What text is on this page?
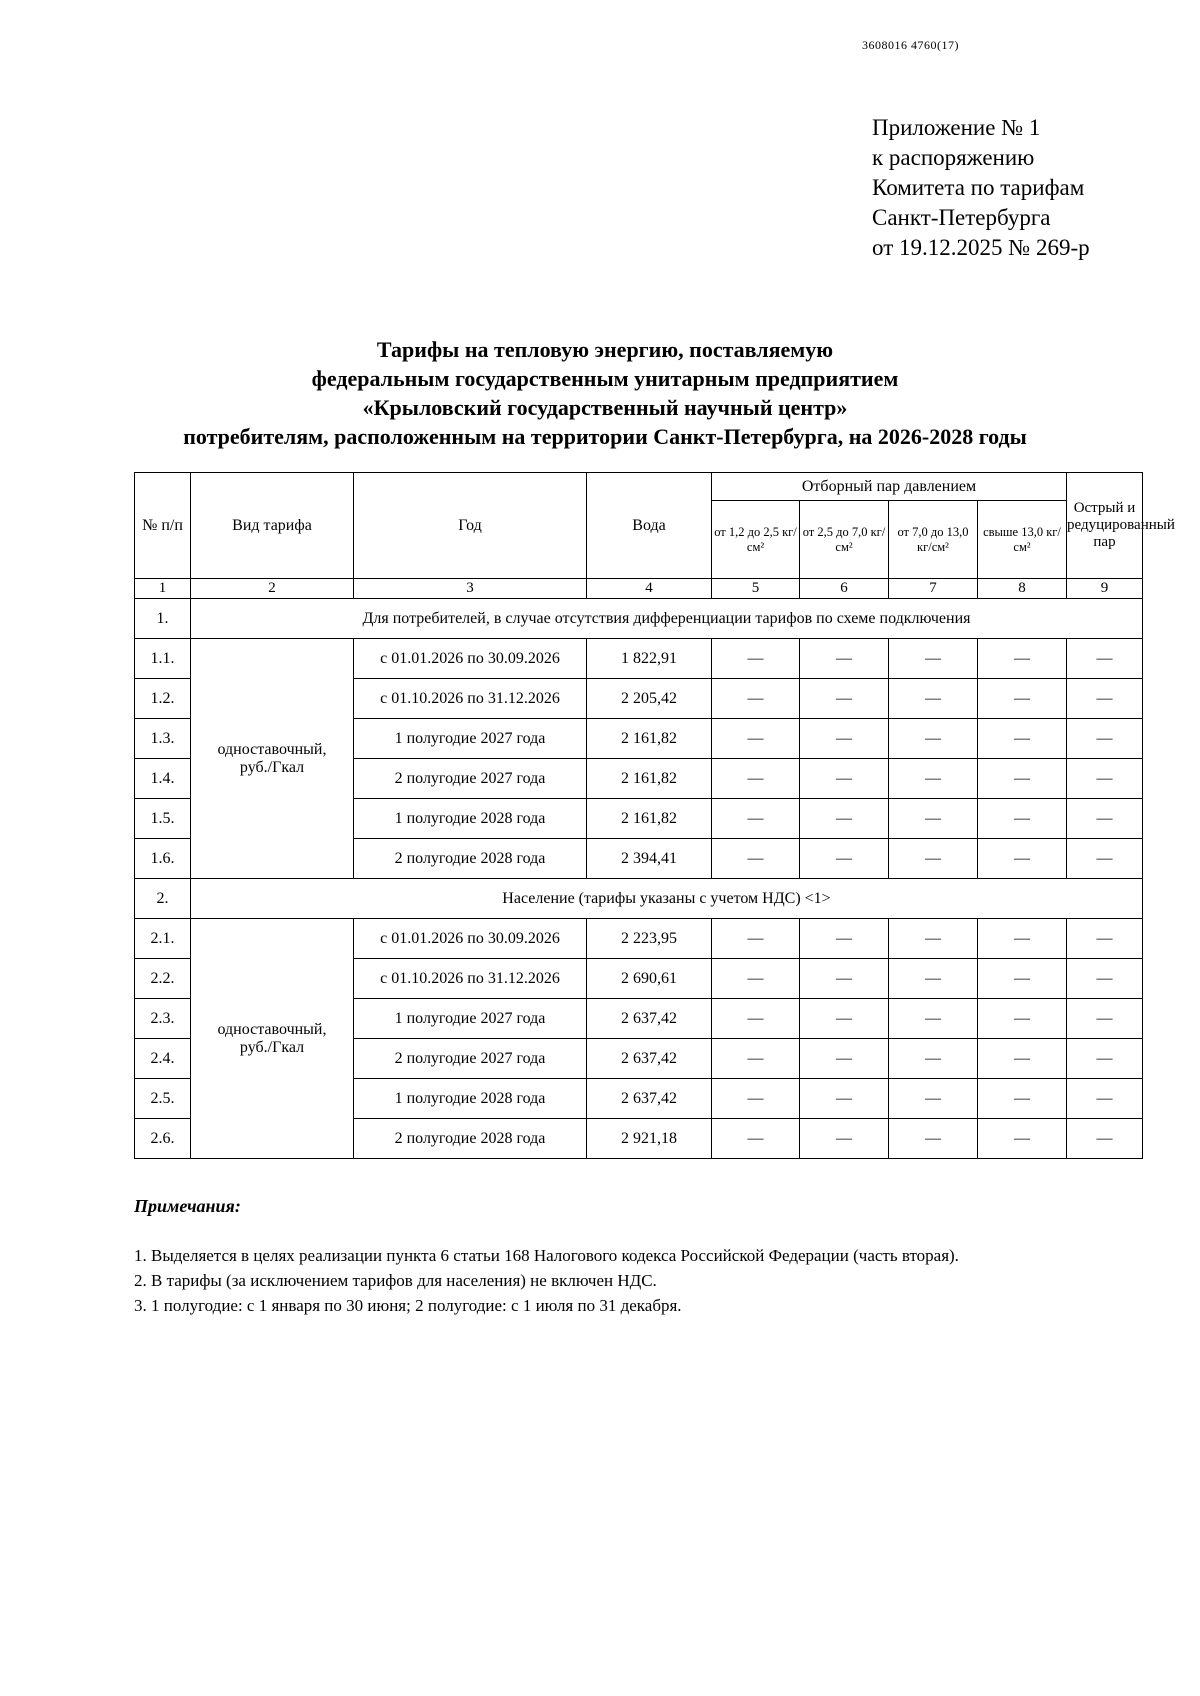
3608016 4760(17)
Приложение № 1
к распоряжению
Комитета по тарифам
Санкт-Петербурга
от 19.12.2025 № 269-р
Тарифы на тепловую энергию, поставляемую
федеральным государственным унитарным предприятием
«Крыловский государственный научный центр»
потребителям, расположенным на территории Санкт-Петербурга, на 2026-2028 годы
№ п/п	Вид тарифа	Год	Вода	Отборный пар давлением				Острый и редуцированный пар
				от 1,2 до 2,5 кг/см²	от 2,5 до 7,0 кг/см²	от 7,0 до 13,0 кг/см²	свыше 13,0 кг/см²	
1	2	3	4	5	6	7	8	9
1.	Для потребителей, в случае отсутствия дифференциации тарифов по схеме подключения							
1.1.	одноставочный, руб./Гкал	с 01.01.2026 по 30.09.2026	1 822,91	—	—	—	—	—
1.2.		с 01.10.2026 по 31.12.2026	2 205,42	—	—	—	—	—
1.3.		1 полугодие 2027 года	2 161,82	—	—	—	—	—
1.4.		2 полугодие 2027 года	2 161,82	—	—	—	—	—
1.5.		1 полугодие 2028 года	2 161,82	—	—	—	—	—
1.6.		2 полугодие 2028 года	2 394,41	—	—	—	—	—
2.	Население (тарифы указаны с учетом НДС) <1>							
2.1.	одноставочный, руб./Гкал	с 01.01.2026 по 30.09.2026	2 223,95	—	—	—	—	—
2.2.		с 01.10.2026 по 31.12.2026	2 690,61	—	—	—	—	—
2.3.		1 полугодие 2027 года	2 637,42	—	—	—	—	—
2.4.		2 полугодие 2027 года	2 637,42	—	—	—	—	—
2.5.		1 полугодие 2028 года	2 637,42	—	—	—	—	—
2.6.		2 полугодие 2028 года	2 921,18	—	—	—	—	—
Примечания:
1. Выделяется в целях реализации пункта 6 статьи 168 Налогового кодекса Российской Федерации (часть вторая).
2. В тарифы (за исключением тарифов для населения) не включен НДС.
3. 1 полугодие: с 1 января по 30 июня; 2 полугодие: с 1 июля по 31 декабря.
